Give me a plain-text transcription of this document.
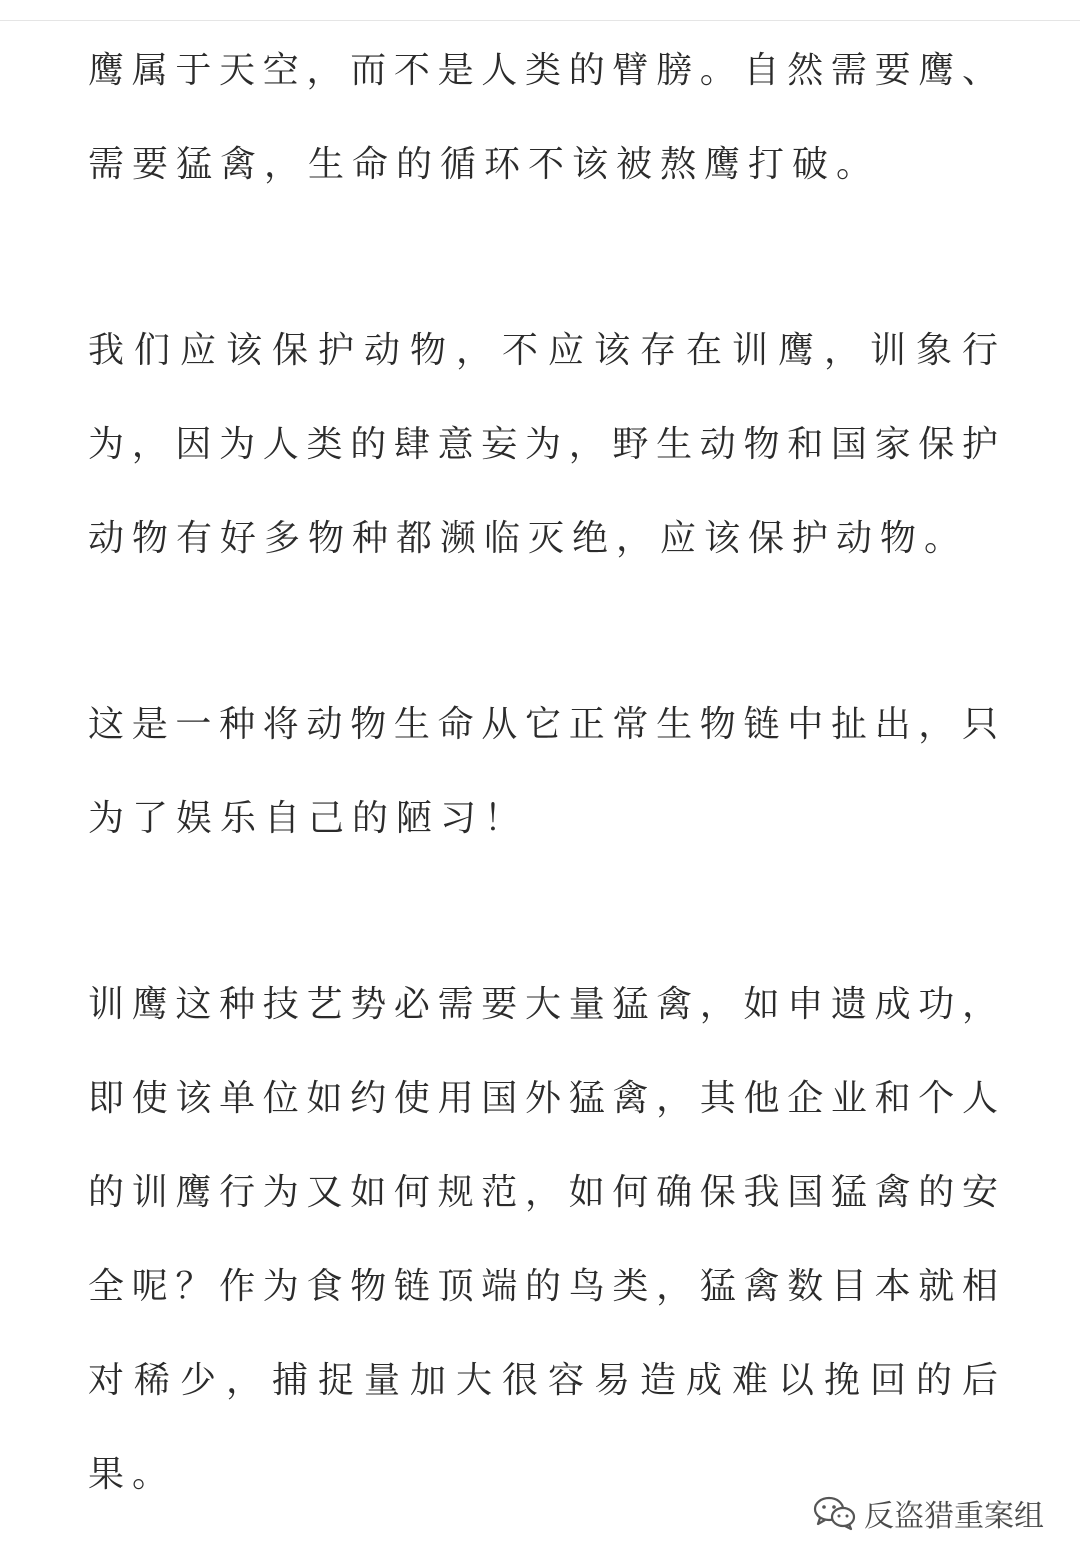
鹰属于天空，而不是人类的臂膀。自然需要鹰、
需要猛禽，生命的循环不该被熬鹰打破。
我们应该保护动物，不应该存在训鹰，训象行
为，因为人类的肆意妄为，野生动物和国家保护
动物有好多物种都濒临灭绝，应该保护动物。
这是一种将动物生命从它正常生物链中扯出，只
为了娱乐自己的陋习！
训鹰这种技艺势必需要大量猛禽，如申遗成功，
即使该单位如约使用国外猛禽，其他企业和个人
的训鹰行为又如何规范，如何确保我国猛禽的安
全呢？作为食物链顶端的鸟类，猛禽数目本就相
对稀少，捕捉量加大很容易造成难以挽回的后
果。
反盗猎重案组
